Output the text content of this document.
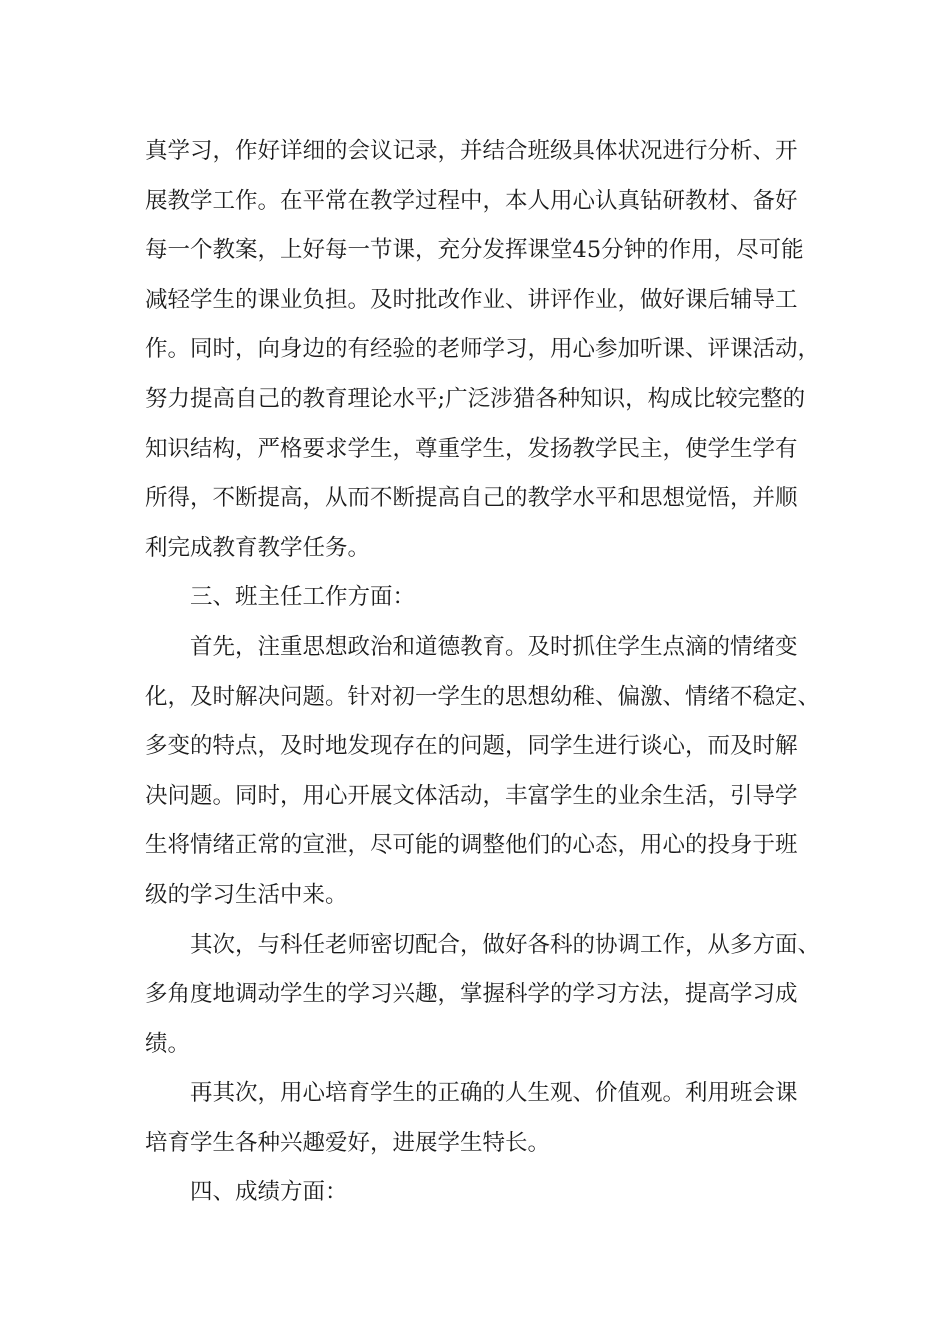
真学习，作好详细的会议记录，并结合班级具体状况进行分析、开
展教学工作。在平常在教学过程中，本人用心认真钻研教材、备好
每一个教案，上好每一节课，充分发挥课堂45分钟的作用，尽可能
减轻学生的课业负担。及时批改作业、讲评作业，做好课后辅导工
作。同时，向身边的有经验的老师学习，用心参加听课、评课活动，
努力提高自己的教育理论水平;广泛涉猎各种知识，构成比较完整的
知识结构，严格要求学生，尊重学生，发扬教学民主，使学生学有
所得，不断提高，从而不断提高自己的教学水平和思想觉悟，并顺
利完成教育教学任务。
三、班主任工作方面：
首先，注重思想政治和道德教育。及时抓住学生点滴的情绪变
化，及时解决问题。针对初一学生的思想幼稚、偏激、情绪不稳定、
多变的特点，及时地发现存在的问题，同学生进行谈心，而及时解
决问题。同时，用心开展文体活动，丰富学生的业余生活，引导学
生将情绪正常的宣泄，尽可能的调整他们的心态，用心的投身于班
级的学习生活中来。
其次，与科任老师密切配合，做好各科的协调工作，从多方面、
多角度地调动学生的学习兴趣，掌握科学的学习方法，提高学习成
绩。
再其次，用心培育学生的正确的人生观、价值观。利用班会课
培育学生各种兴趣爱好，进展学生特长。
四、成绩方面：
